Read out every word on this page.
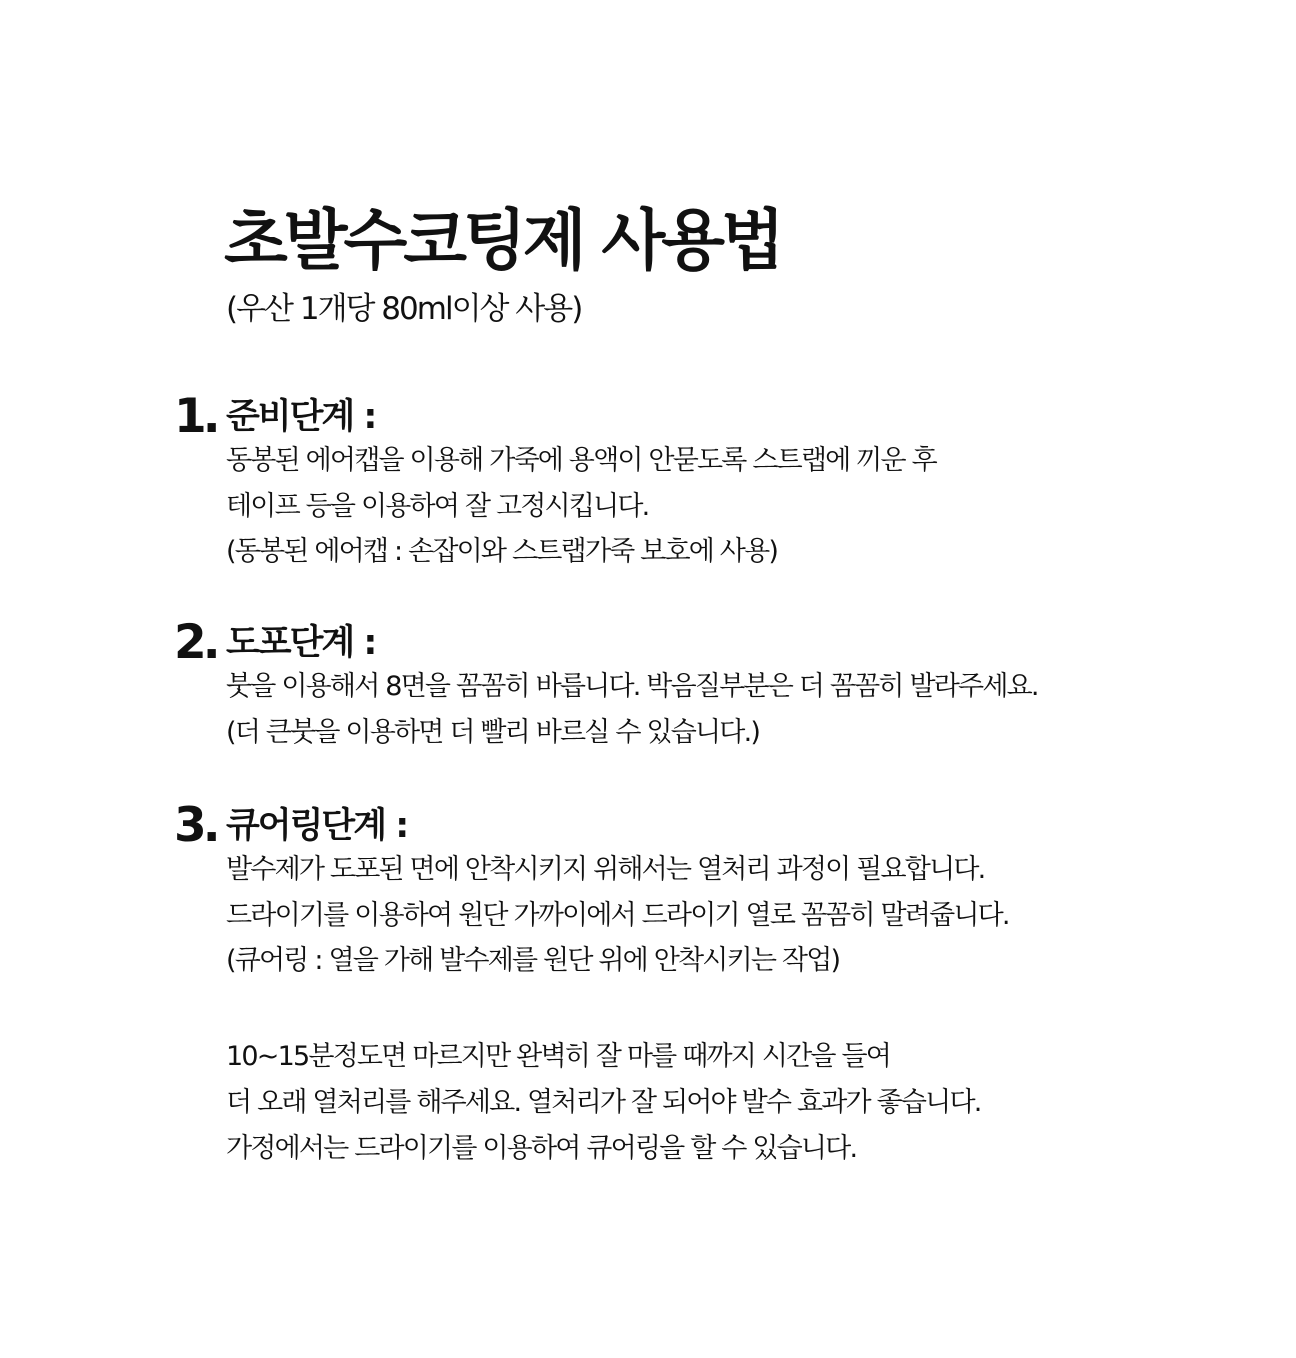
초발수코팅제 사용법
(우산 1개당 80ml이상 사용)
1. 준비단계 :
동봉된 에어캡을 이용해 가죽에 용액이 안묻도록 스트랩에 끼운 후
테이프 등을 이용하여 잘 고정시킵니다.
(동봉된 에어캡 : 손잡이와 스트랩가죽 보호에 사용)
2. 도포단계 :
붓을 이용해서 8면을 꼼꼼히 바릅니다. 박음질부분은 더 꼼꼼히 발라주세요.
(더 큰붓을 이용하면 더 빨리 바르실 수 있습니다.)
3. 큐어링단계 :
발수제가 도포된 면에 안착시키지 위해서는 열처리 과정이 필요합니다.
드라이기를 이용하여 원단 가까이에서 드라이기 열로 꼼꼼히 말려줍니다.
(큐어링 : 열을 가해 발수제를 원단 위에 안착시키는 작업)
10~15분정도면 마르지만 완벽히 잘 마를 때까지 시간을 들여
더 오래 열처리를 해주세요. 열처리가 잘 되어야 발수 효과가 좋습니다.
가정에서는 드라이기를 이용하여 큐어링을 할 수 있습니다.
